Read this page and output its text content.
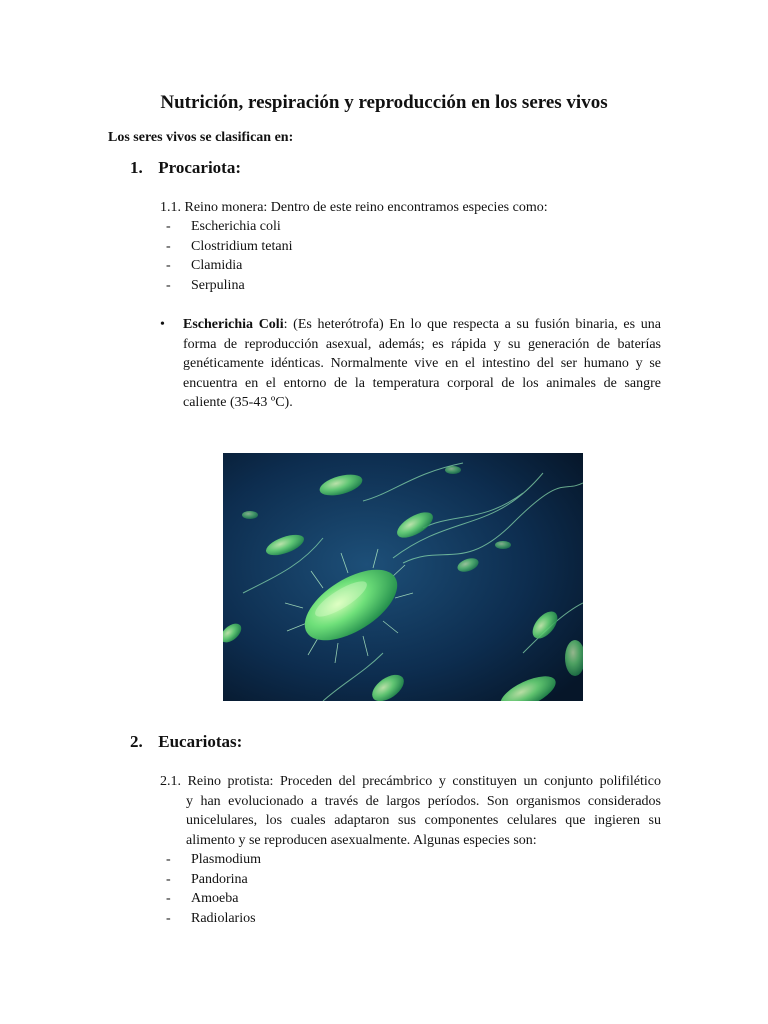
Nutrición, respiración y reproducción en los seres vivos
Los seres vivos se clasifican en:
1. Procariota:
1.1. Reino monera: Dentro de este reino encontramos especies como:
- Escherichia coli
- Clostridium tetani
- Clamidia
- Serpulina
• Escherichia Coli: (Es heterótrofa) En lo que respecta a su fusión binaria, es una
forma de reproducción asexual, además; es rápida y su generación de baterías
genéticamente idénticas. Normalmente vive en el intestino del ser humano y se
encuentra en el entorno de la temperatura corporal de los animales de sangre
caliente (35-43 ºC).
2. Eucariotas:
2.1. Reino protista: Proceden del precámbrico y constituyen un conjunto polifilético
y han evolucionado a través de largos períodos. Son organismos considerados
unicelulares, los cuales adaptaron sus componentes celulares que ingieren su
alimento y se reproducen asexualmente. Algunas especies son:
- Plasmodium
- Pandorina
- Amoeba
- Radiolarios
